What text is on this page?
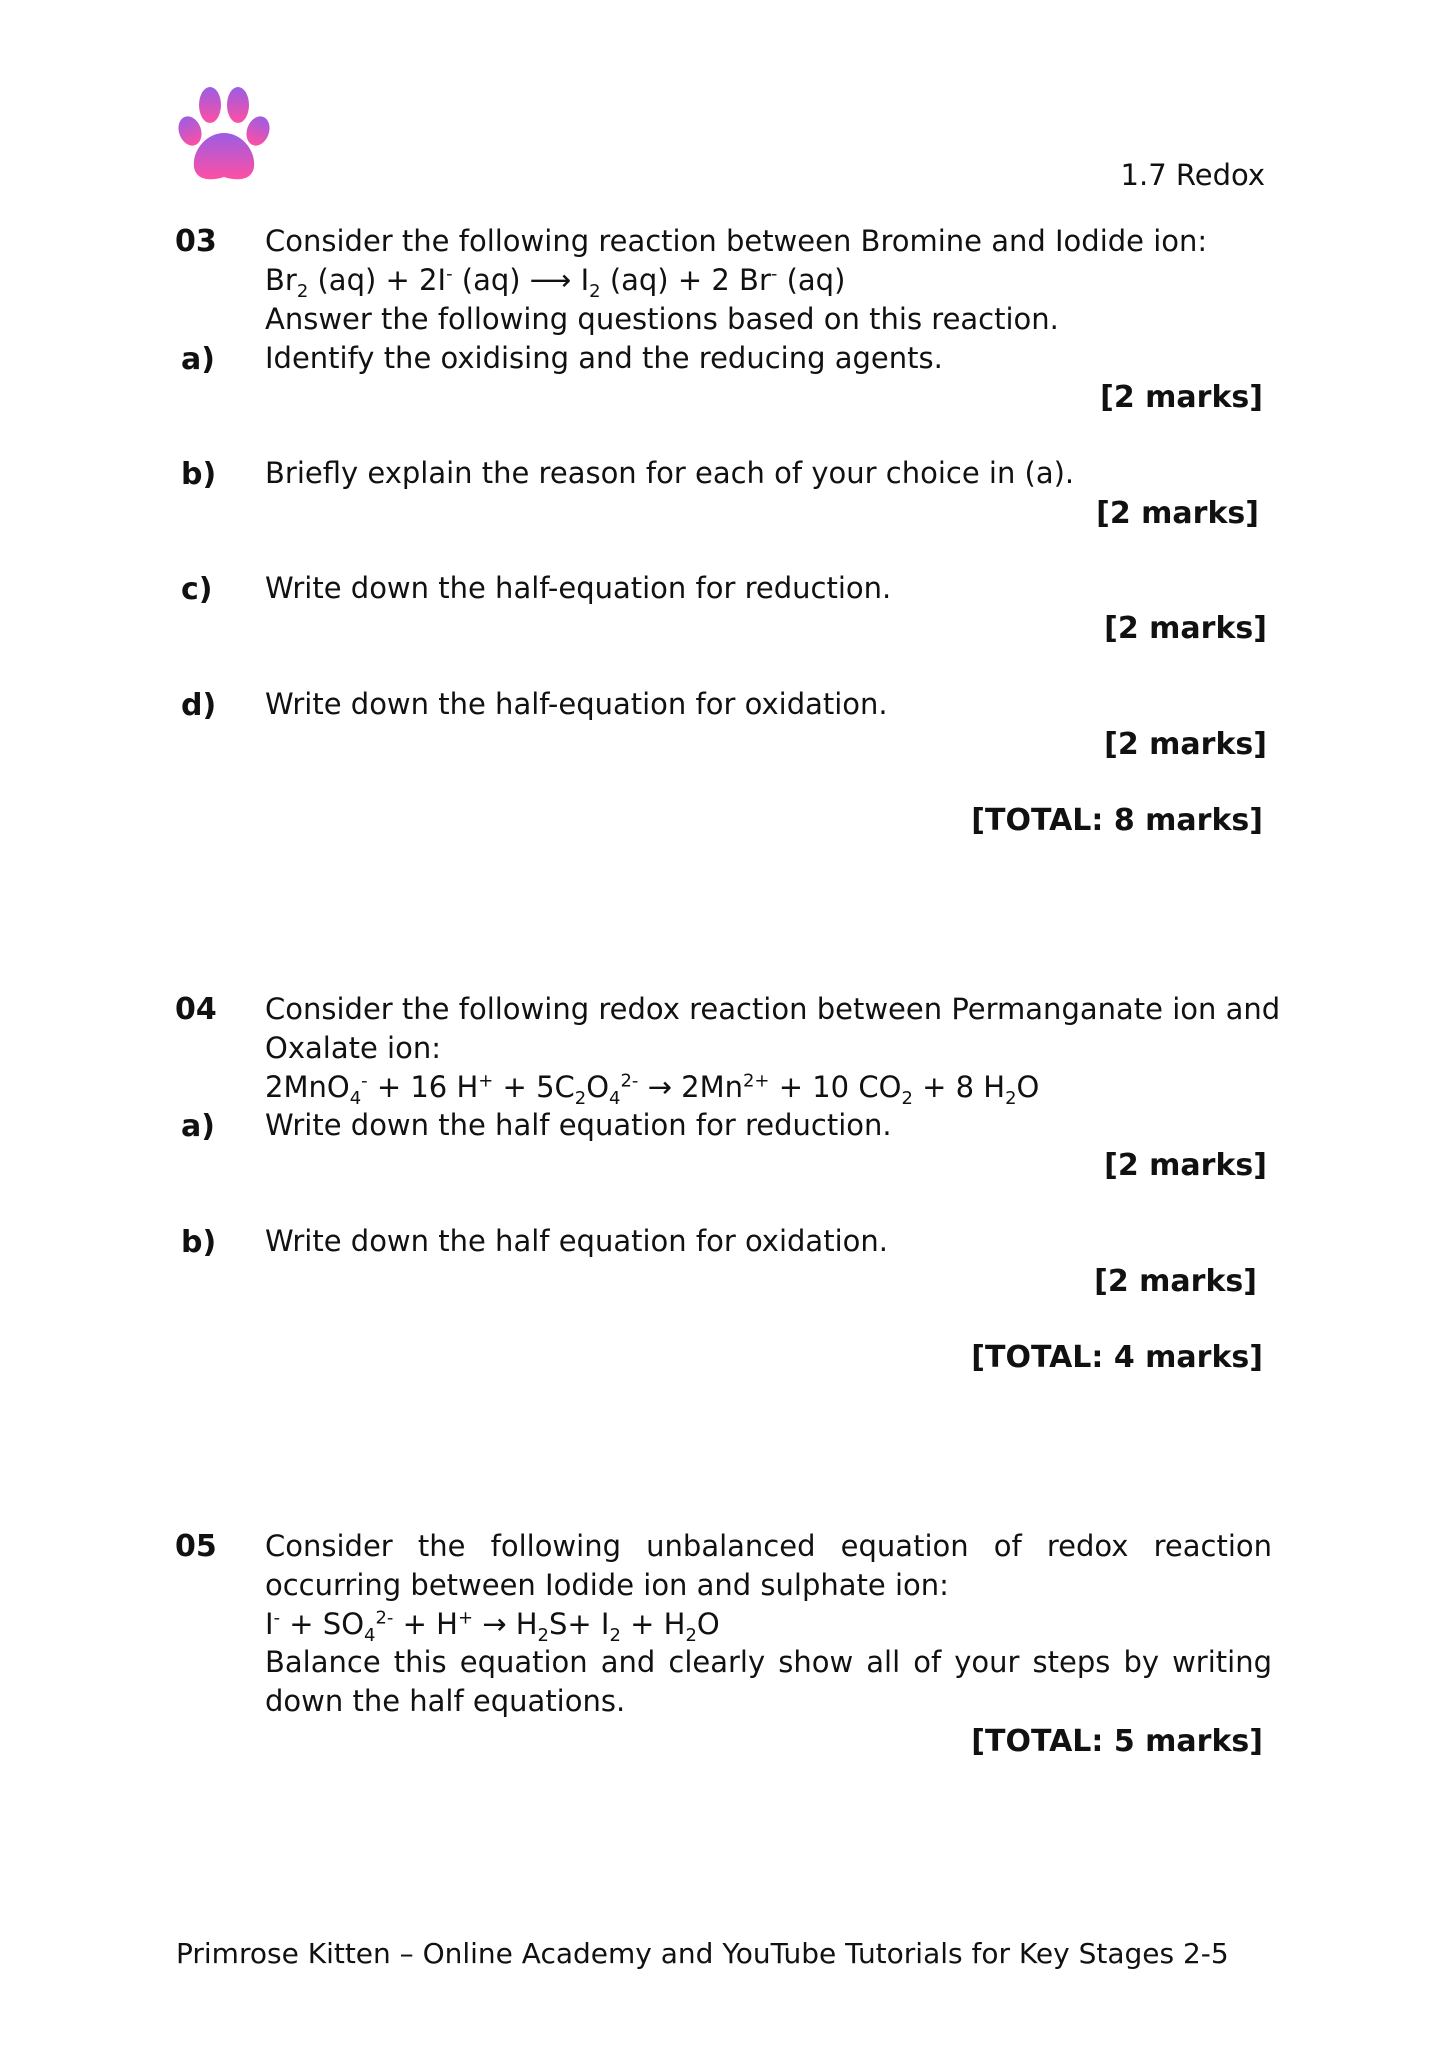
1.7 Redox
03 Consider the following reaction between Bromine and Iodide ion:
$Br_2$ (aq) + 2I- (aq) ⟶ $I_2$ (aq) + 2 Br- (aq)
Answer the following questions based on this reaction.
a) Identify the oxidising and the reducing agents.
[2 marks]
b) Briefly explain the reason for each of your choice in (a).
[2 marks]
c) Write down the half-equation for reduction.
[2 marks]
d) Write down the half-equation for oxidation.
[2 marks]
[TOTAL: 8 marks]
04 Consider the following redox reaction between Permanganate ion and
Oxalate ion:
2MnO$_4$- + 16 $H^+ + 5C_2O_4^{2-} \to 2Mn^{2+} + 10$ $CO_2 + 8$ $H_2O$
a) Write down the half equation for reduction.
[2 marks]
b) Write down the half equation for oxidation.
[2 marks]
[TOTAL: 4 marks]
05 Consider the following unbalanced equation of redox reaction
occurring between Iodide ion and sulphate ion:
$I^- + SO_4^{2-} + H^+ \to H_2S+ I_2 + H_2O$
Balance this equation and clearly show all of your steps by writing
down the half equations.
[TOTAL: 5 marks]
Primrose Kitten – Online Academy and YouTube Tutorials for Key Stages 2-5
